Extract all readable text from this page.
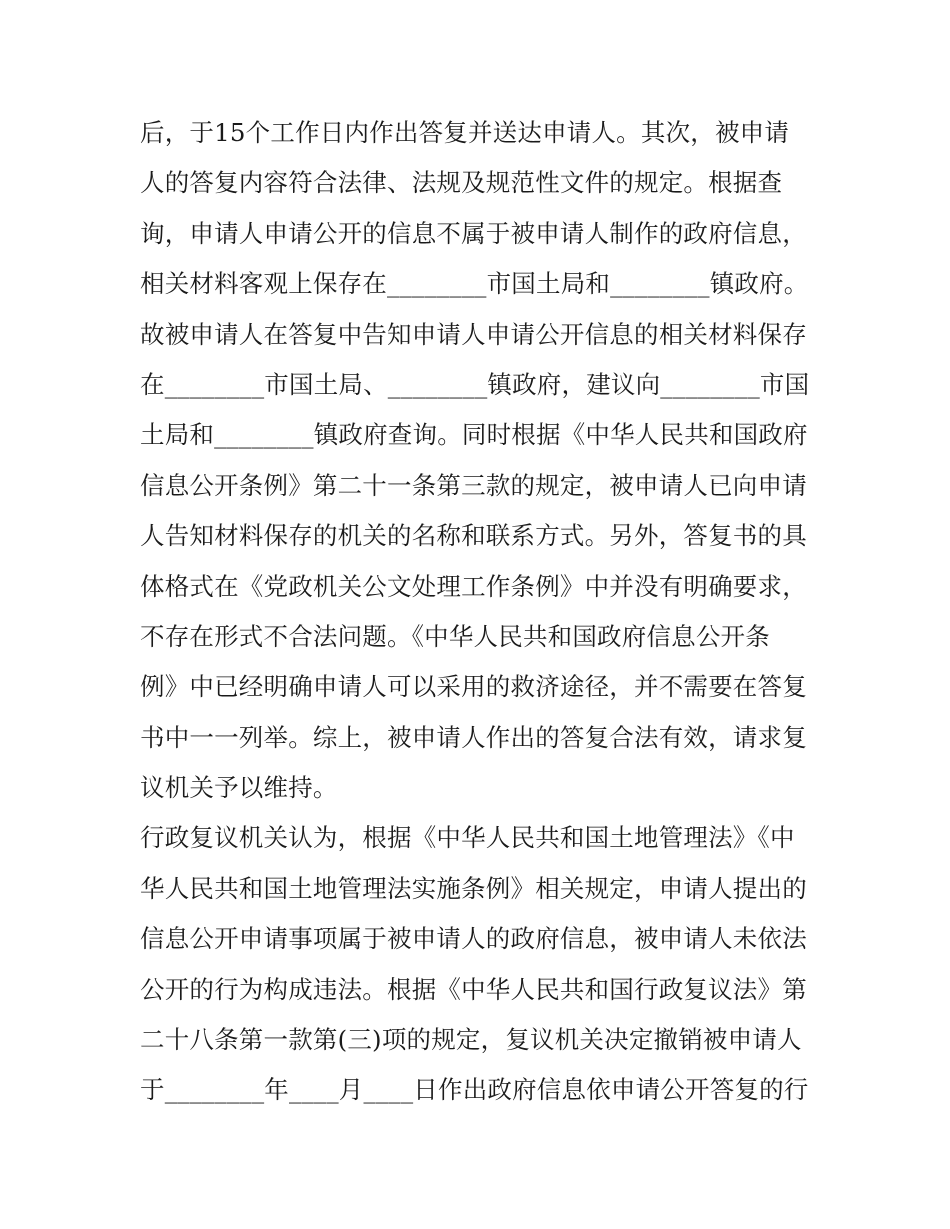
后，于15个工作日内作出答复并送达申请人。其次，被申请
人的答复内容符合法律、法规及规范性文件的规定。根据查
询，申请人申请公开的信息不属于被申请人制作的政府信息，
相关材料客观上保存在________市国土局和________镇政府。
故被申请人在答复中告知申请人申请公开信息的相关材料保存
在________市国土局、________镇政府，建议向________市国
土局和________镇政府查询。同时根据《中华人民共和国政府
信息公开条例》第二十一条第三款的规定，被申请人已向申请
人告知材料保存的机关的名称和联系方式。另外，答复书的具
体格式在《党政机关公文处理工作条例》中并没有明确要求，
不存在形式不合法问题。《中华人民共和国政府信息公开条
例》中已经明确申请人可以采用的救济途径，并不需要在答复
书中一一列举。综上，被申请人作出的答复合法有效，请求复
议机关予以维持。
行政复议机关认为，根据《中华人民共和国土地管理法》《中
华人民共和国土地管理法实施条例》相关规定，申请人提出的
信息公开申请事项属于被申请人的政府信息，被申请人未依法
公开的行为构成违法。根据《中华人民共和国行政复议法》第
二十八条第一款第(三)项的规定，复议机关决定撤销被申请人
于________年____月____日作出政府信息依申请公开答复的行
